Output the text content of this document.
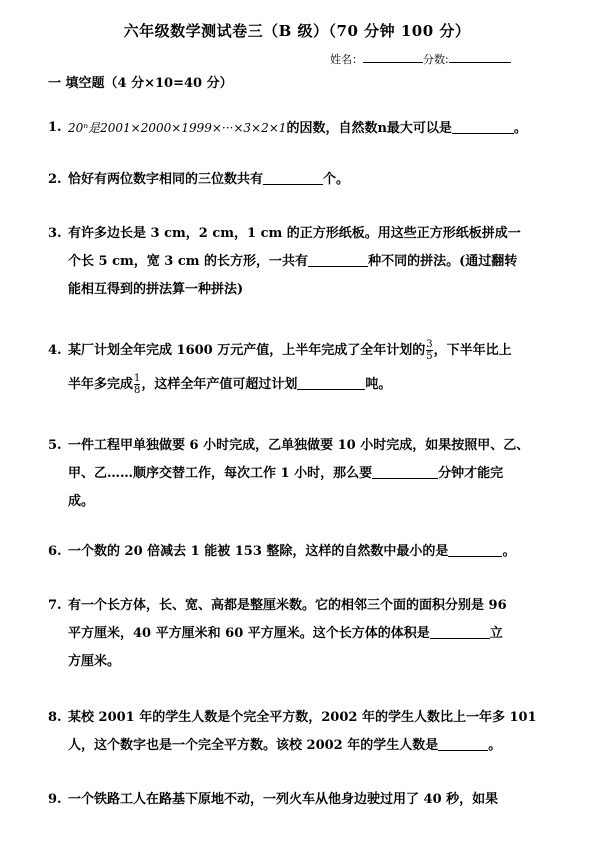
六年级数学测试卷三（B 级）（70 分钟 100 分）
姓名：	分数:
一 填空题（4 分×10=40 分）
1. 20ⁿ是2001×2000×1999×···×3×2×1的因数，自然数n最大可以是	。
2. 恰好有两位数字相同的三位数共有	个。
3. 有许多边长是 3 cm，2 cm，1 cm 的正方形纸板。用这些正方形纸板拼成一
个长 5 cm，宽 3 cm 的长方形，一共有	种不同的拼法。(通过翻转
能相互得到的拼法算一种拼法)
4. 某厂计划全年完成 1600 万元产值，上半年完成了全年计划的 $\frac{3}{5}$ ，下半年比上
半年多完成 $\frac{1}{8}$ ，这样全年产值可超过计划	吨。
5. 一件工程甲单独做要 6 小时完成，乙单独做要 10 小时完成，如果按照甲、乙、
甲、乙……顺序交替工作，每次工作 1 小时，那么要	分钟才能完
成。
6. 一个数的 20 倍减去 1 能被 153 整除，这样的自然数中最小的是	。
7. 有一个长方体，长、宽、高都是整厘米数。它的相邻三个面的面积分别是 96
平方厘米，40 平方厘米和 60 平方厘米。这个长方体的体积是	立
方厘米。
8. 某校 2001 年的学生人数是个完全平方数，2002 年的学生人数比上一年多 101
人，这个数字也是一个完全平方数。该校 2002 年的学生人数是	。
9. 一个铁路工人在路基下原地不动，一列火车从他身边驶过用了 40 秒，如果
